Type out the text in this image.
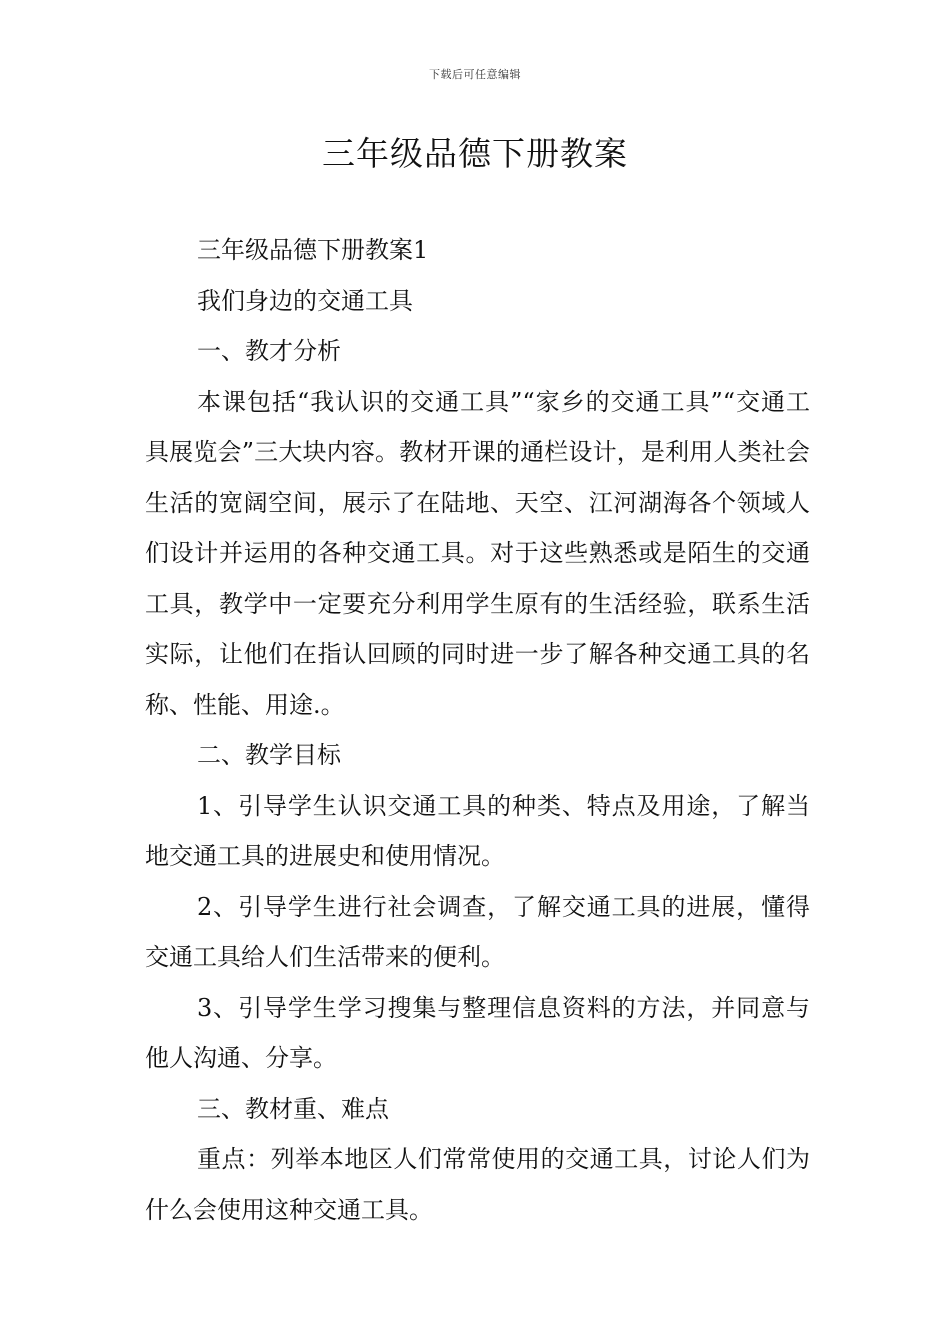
下载后可任意编辑
三年级品德下册教案

三年级品德下册教案1

我们身边的交通工具

一、教才分析

本课包括“我认识的交通工具”“家乡的交通工具”“交通工具展览会”三大块内容。教材开课的通栏设计，是利用人类社会生活的宽阔空间，展示了在陆地、天空、江河湖海各个领域人们设计并运用的各种交通工具。对于这些熟悉或是陌生的交通工具，教学中一定要充分利用学生原有的生活经验，联系生活实际，让他们在指认回顾的同时进一步了解各种交通工具的名称、性能、用途.。

二、教学目标

1、引导学生认识交通工具的种类、特点及用途，了解当地交通工具的进展史和使用情况。

2、引导学生进行社会调查，了解交通工具的进展，懂得交通工具给人们生活带来的便利。

3、引导学生学习搜集与整理信息资料的方法，并同意与他人沟通、分享。

三、教材重、难点

重点：列举本地区人们常常使用的交通工具，讨论人们为什么会使用这种交通工具。
